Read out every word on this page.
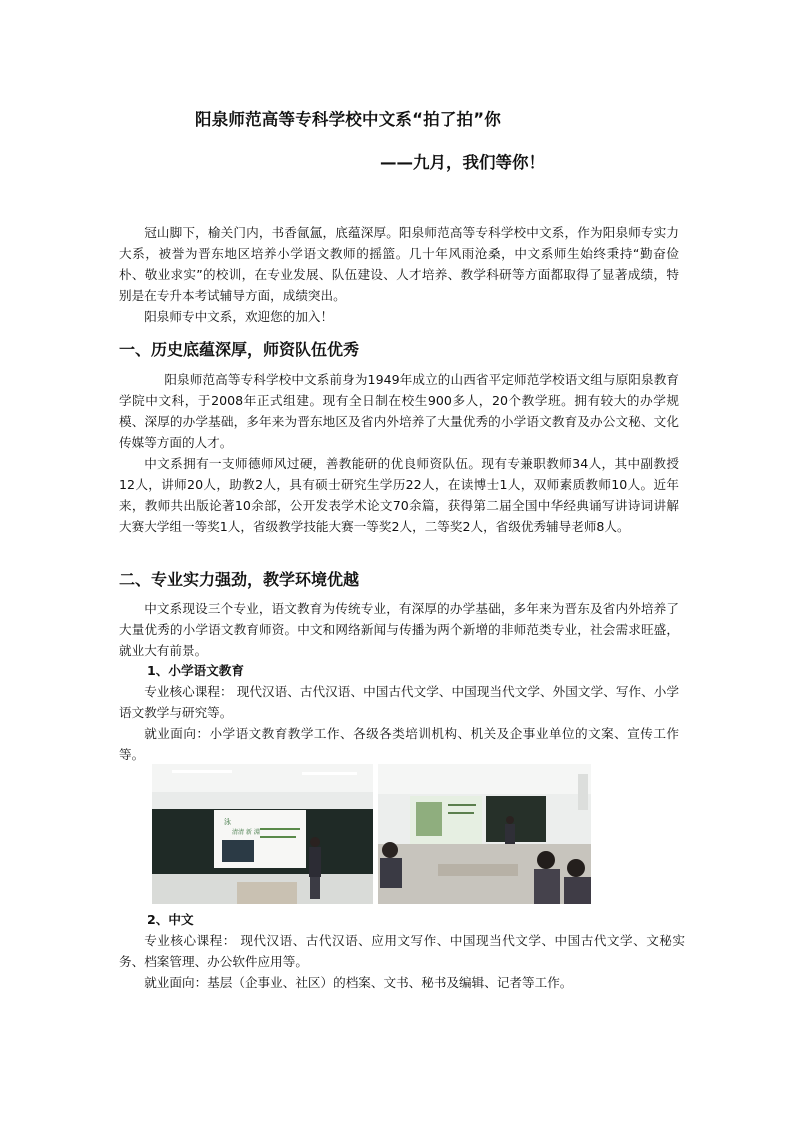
阳泉师范高等专科学校中文系“拍了拍”你
——九月，我们等你！

冠山脚下，榆关门内，书香氤氲，底蕴深厚。阳泉师范高等专科学校中文系，作为阳泉师专实力大系，被誉为晋东地区培养小学语文教师的摇篮。几十年风雨沧桑，中文系师生始终秉持“勤奋俭朴、敬业求实”的校训，在专业发展、队伍建设、人才培养、教学科研等方面都取得了显著成绩，特别是在专升本考试辅导方面，成绩突出。

阳泉师专中文系，欢迎您的加入！

一、历史底蕴深厚，师资队伍优秀

阳泉师范高等专科学校中文系前身为1949年成立的山西省平定师范学校语文组与原阳泉教育学院中文科，于2008年正式组建。现有全日制在校生900多人，20个教学班。拥有较大的办学规模、深厚的办学基础，多年来为晋东地区及省内外培养了大量优秀的小学语文教育及办公文秘、文化传媒等方面的人才。

中文系拥有一支师德师风过硬，善教能研的优良师资队伍。现有专兼职教师34人，其中副教授12人，讲师20人，助教2人，具有硕士研究生学历22人，在读博士1人，双师素质教师10人。近年来，教师共出版论著10余部，公开发表学术论文70余篇，获得第二届全国中华经典诵写讲诗词讲解大赛大学组一等奖1人，省级教学技能大赛一等奖2人，二等奖2人，省级优秀辅导老师8人。

二、专业实力强劲，教学环境优越

中文系现设三个专业，语文教育为传统专业，有深厚的办学基础，多年来为晋东及省内外培养了大量优秀的小学语文教育师资。中文和网络新闻与传播为两个新增的非师范类专业，社会需求旺盛，就业大有前景。

1、小学语文教育

专业核心课程： 现代汉语、古代汉语、中国古代文学、中国现当代文学、外国文学、写作、小学语文教学与研究等。

就业面向：小学语文教育教学工作、各级各类培训机构、机关及企事业单位的文案、宣传工作等。

泳
清清 新 淵
2、中文

专业核心课程： 现代汉语、古代汉语、应用文写作、中国现当代文学、中国古代文学、文秘实务、档案管理、办公软件应用等。

就业面向：基层（企事业、社区）的档案、文书、秘书及编辑、记者等工作。
